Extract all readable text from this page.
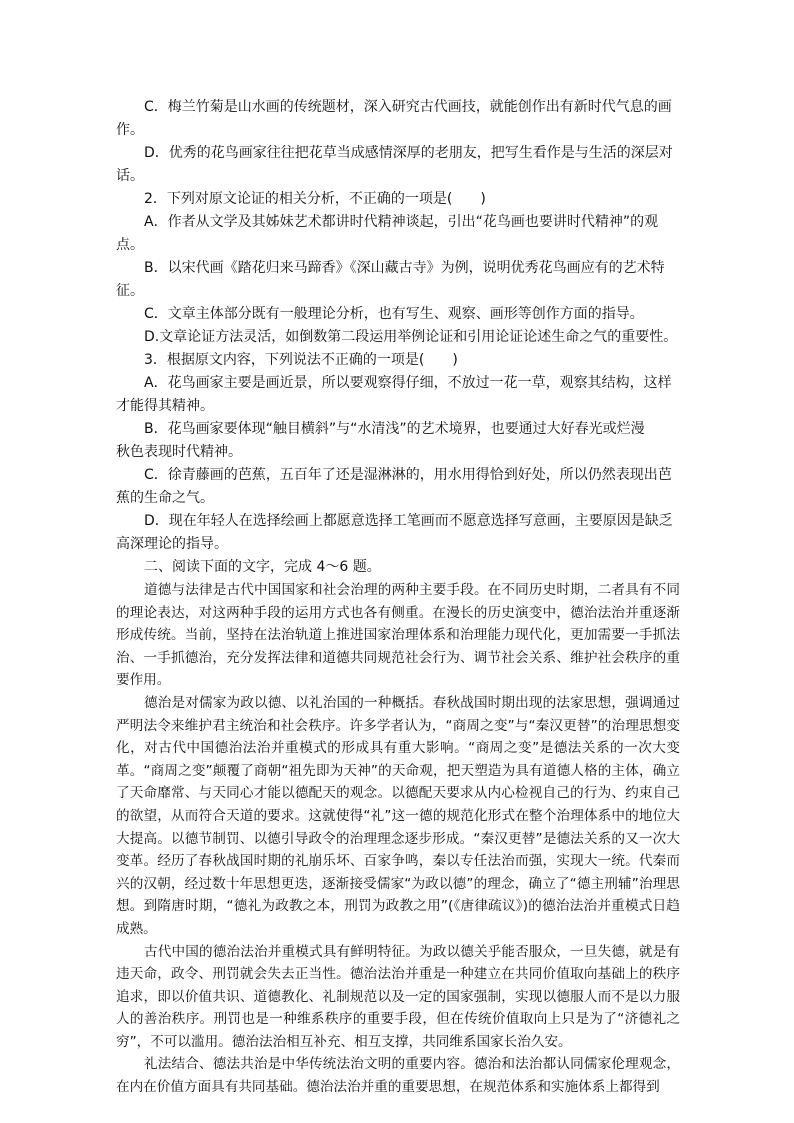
C．梅兰竹菊是山水画的传统题材，深入研究古代画技，就能创作出有新时代气息的画
作。
D．优秀的花鸟画家往往把花草当成感情深厚的老朋友，把写生看作是与生活的深层对
话。
2．下列对原文论证的相关分析，不正确的一项是(　　)
A．作者从文学及其姊妹艺术都讲时代精神谈起，引出“花鸟画也要讲时代精神”的观
点。
B．以宋代画《踏花归来马蹄香》《深山藏古寺》为例，说明优秀花鸟画应有的艺术特
征。
C．文章主体部分既有一般理论分析，也有写生、观察、画形等创作方面的指导。
D.文章论证方法灵活，如倒数第二段运用举例论证和引用论证论述生命之气的重要性。
3．根据原文内容，下列说法不正确的一项是(　　)
A．花鸟画家主要是画近景，所以要观察得仔细，不放过一花一草，观察其结构，这样
才能得其精神。
B．花鸟画家要体现“触目横斜”与“水清浅”的艺术境界，也要通过大好春光或烂漫
秋色表现时代精神。
C．徐青藤画的芭蕉，五百年了还是湿淋淋的，用水用得恰到好处，所以仍然表现出芭
蕉的生命之气。
D．现在年轻人在选择绘画上都愿意选择工笔画而不愿意选择写意画，主要原因是缺乏
高深理论的指导。
二、阅读下面的文字，完成 4～6 题。

道德与法律是古代中国国家和社会治理的两种主要手段。在不同历史时期，二者具有不同的理论表达，对这两种手段的运用方式也各有侧重。在漫长的历史演变中，德治法治并重逐渐形成传统。当前，坚持在法治轨道上推进国家治理体系和治理能力现代化，更加需要一手抓法治、一手抓德治，充分发挥法律和道德共同规范社会行为、调节社会关系、维护社会秩序的重要作用。

德治是对儒家为政以德、以礼治国的一种概括。春秋战国时期出现的法家思想，强调通过严明法令来维护君主统治和社会秩序。许多学者认为，“商周之变”与“秦汉更替”的治理思想变化，对古代中国德治法治并重模式的形成具有重大影响。“商周之变”是德法关系的一次大变革。“商周之变”颠覆了商朝“祖先即为天神”的天命观，把天塑造为具有道德人格的主体，确立了天命靡常、与天同心才能以德配天的观念。以德配天要求从内心检视自己的行为、约束自己的欲望，从而符合天道的要求。这就使得“礼”这一德的规范化形式在整个治理体系中的地位大大提高。以德节制罚、以德引导政令的治理理念逐步形成。“秦汉更替”是德法关系的又一次大变革。经历了春秋战国时期的礼崩乐坏、百家争鸣，秦以专任法治而强，实现大一统。代秦而兴的汉朝，经过数十年思想更迭，逐渐接受儒家“为政以德”的理念，确立了“德主刑辅”治理思想。到隋唐时期，“德礼为政教之本，刑罚为政教之用”(《唐律疏议》)的德治法治并重模式日趋成熟。

古代中国的德治法治并重模式具有鲜明特征。为政以德关乎能否服众，一旦失德，就是有违天命，政令、刑罚就会失去正当性。德治法治并重是一种建立在共同价值取向基础上的秩序追求，即以价值共识、道德教化、礼制规范以及一定的国家强制，实现以德服人而不是以力服人的善治秩序。刑罚也是一种维系秩序的重要手段，但在传统价值取向上只是为了“济德礼之穷”，不可以滥用。德治法治相互补充、相互支撑，共同维系国家长治久安。

礼法结合、德法共治是中华传统法治文明的重要内容。德治和法治都认同儒家伦理观念，在内在价值方面具有共同基础。德治法治并重的重要思想，在规范体系和实施体系上都得到
